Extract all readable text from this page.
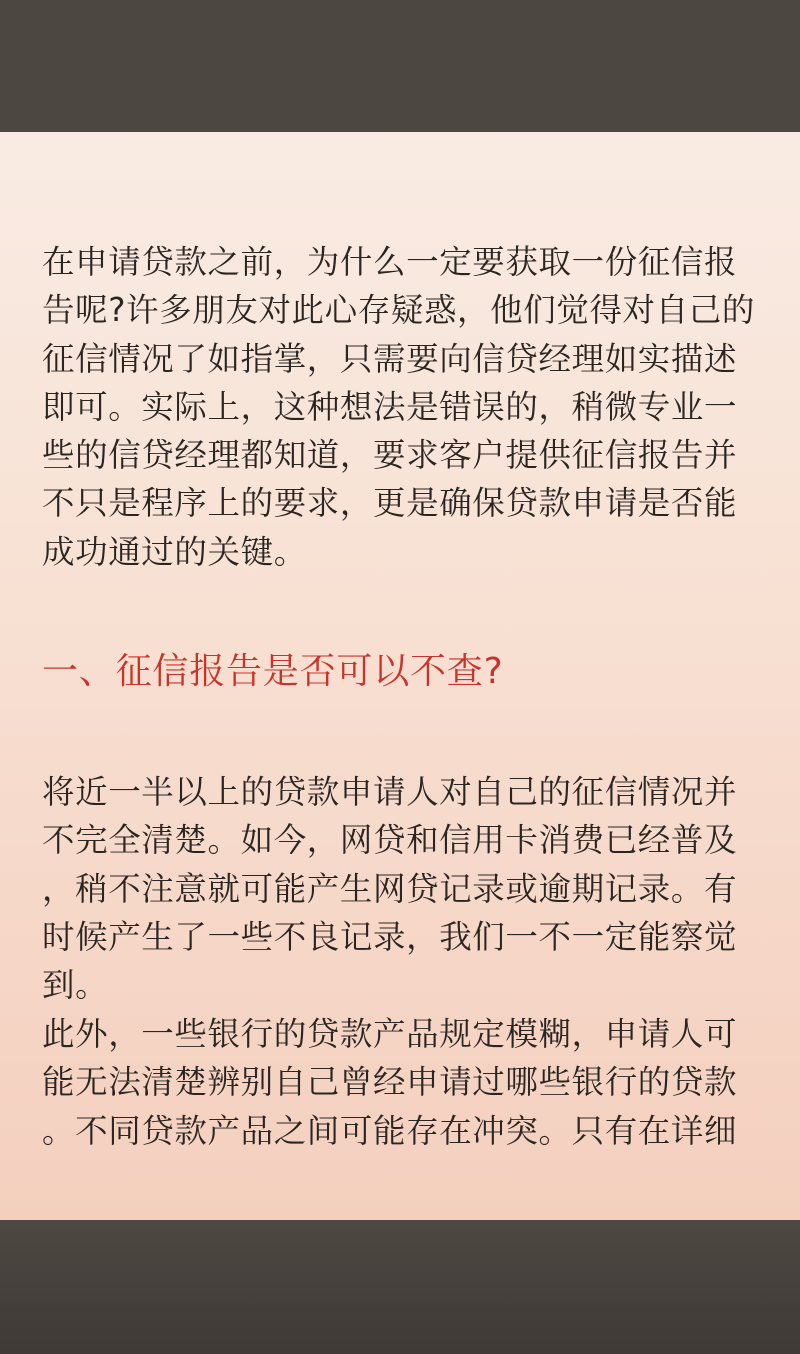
在申请贷款之前，为什么一定要获取一份征信报
告呢?许多朋友对此心存疑惑，他们觉得对自己的
征信情况了如指掌，只需要向信贷经理如实描述
即可。实际上，这种想法是错误的，稍微专业一
些的信贷经理都知道，要求客户提供征信报告并
不只是程序上的要求，更是确保贷款申请是否能
成功通过的关键。

一、征信报告是否可以不查?

将近一半以上的贷款申请人对自己的征信情况并
不完全清楚。如今，网贷和信用卡消费已经普及
，稍不注意就可能产生网贷记录或逾期记录。有
时候产生了一些不良记录，我们一不一定能察觉
到。

此外，一些银行的贷款产品规定模糊，申请人可
能无法清楚辨别自己曾经申请过哪些银行的贷款
。不同贷款产品之间可能存在冲突。只有在详细
